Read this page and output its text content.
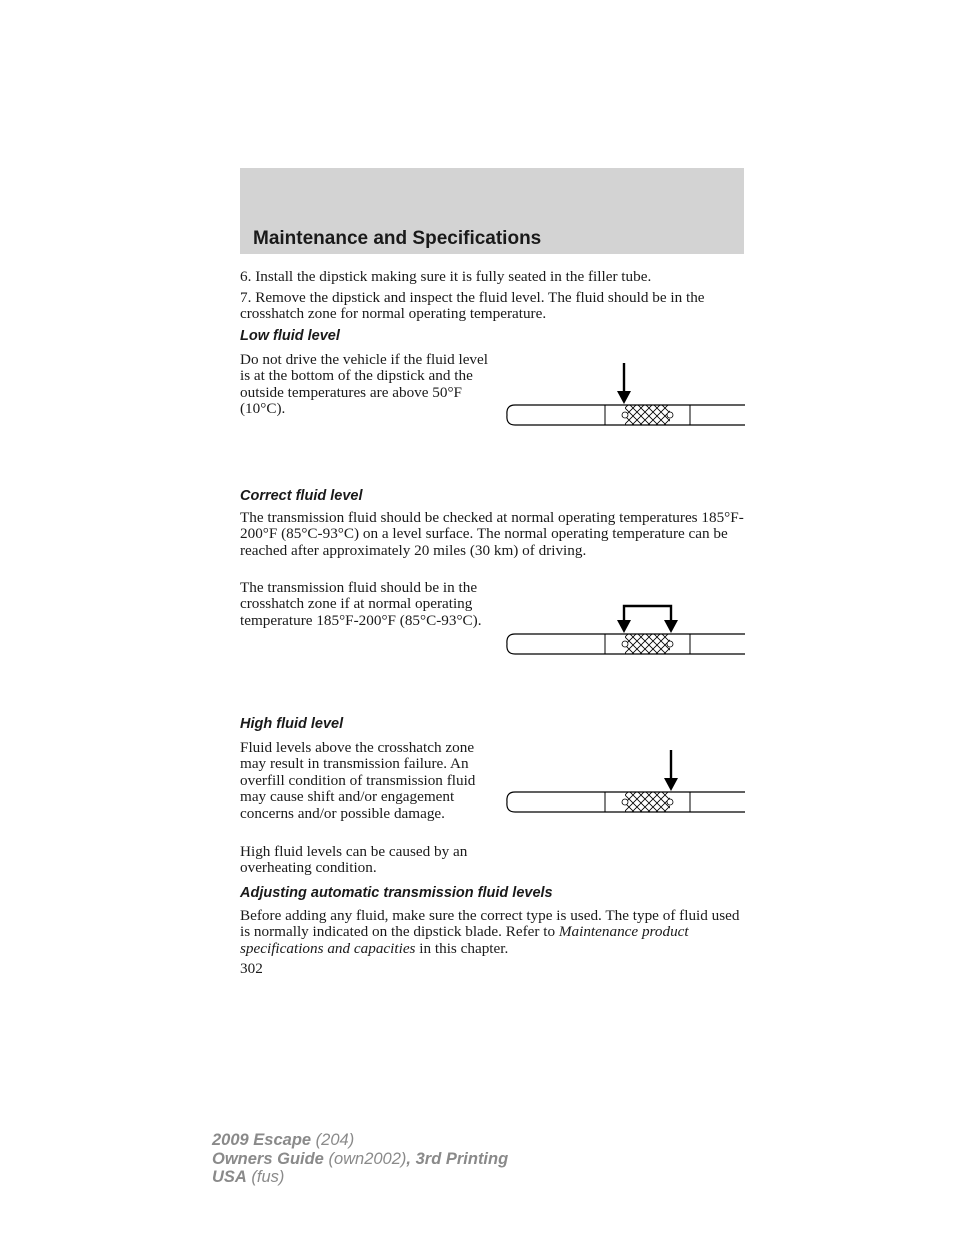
Maintenance and Specifications

6. Install the dipstick making sure it is fully seated in the filler tube.

7. Remove the dipstick and inspect the fluid level. The fluid should be in the crosshatch zone for normal operating temperature.

Low fluid level

Do not drive the vehicle if the fluid level is at the bottom of the dipstick and the outside temperatures are above 50°F (10°C).

Correct fluid level

The transmission fluid should be checked at normal operating temperatures 185°F-200°F (85°C-93°C) on a level surface. The normal operating temperature can be reached after approximately 20 miles (30 km) of driving.

The transmission fluid should be in the crosshatch zone if at normal operating temperature 185°F-200°F (85°C-93°C).

High fluid level

Fluid levels above the crosshatch zone may result in transmission failure. An overfill condition of transmission fluid may cause shift and/or engagement concerns and/or possible damage.

High fluid levels can be caused by an overheating condition.

Adjusting automatic transmission fluid levels

Before adding any fluid, make sure the correct type is used. The type of fluid used is normally indicated on the dipstick blade. Refer to Maintenance product specifications and capacities in this chapter.

302
2009 Escape (204)
Owners Guide (own2002), 3rd Printing
USA (fus)
